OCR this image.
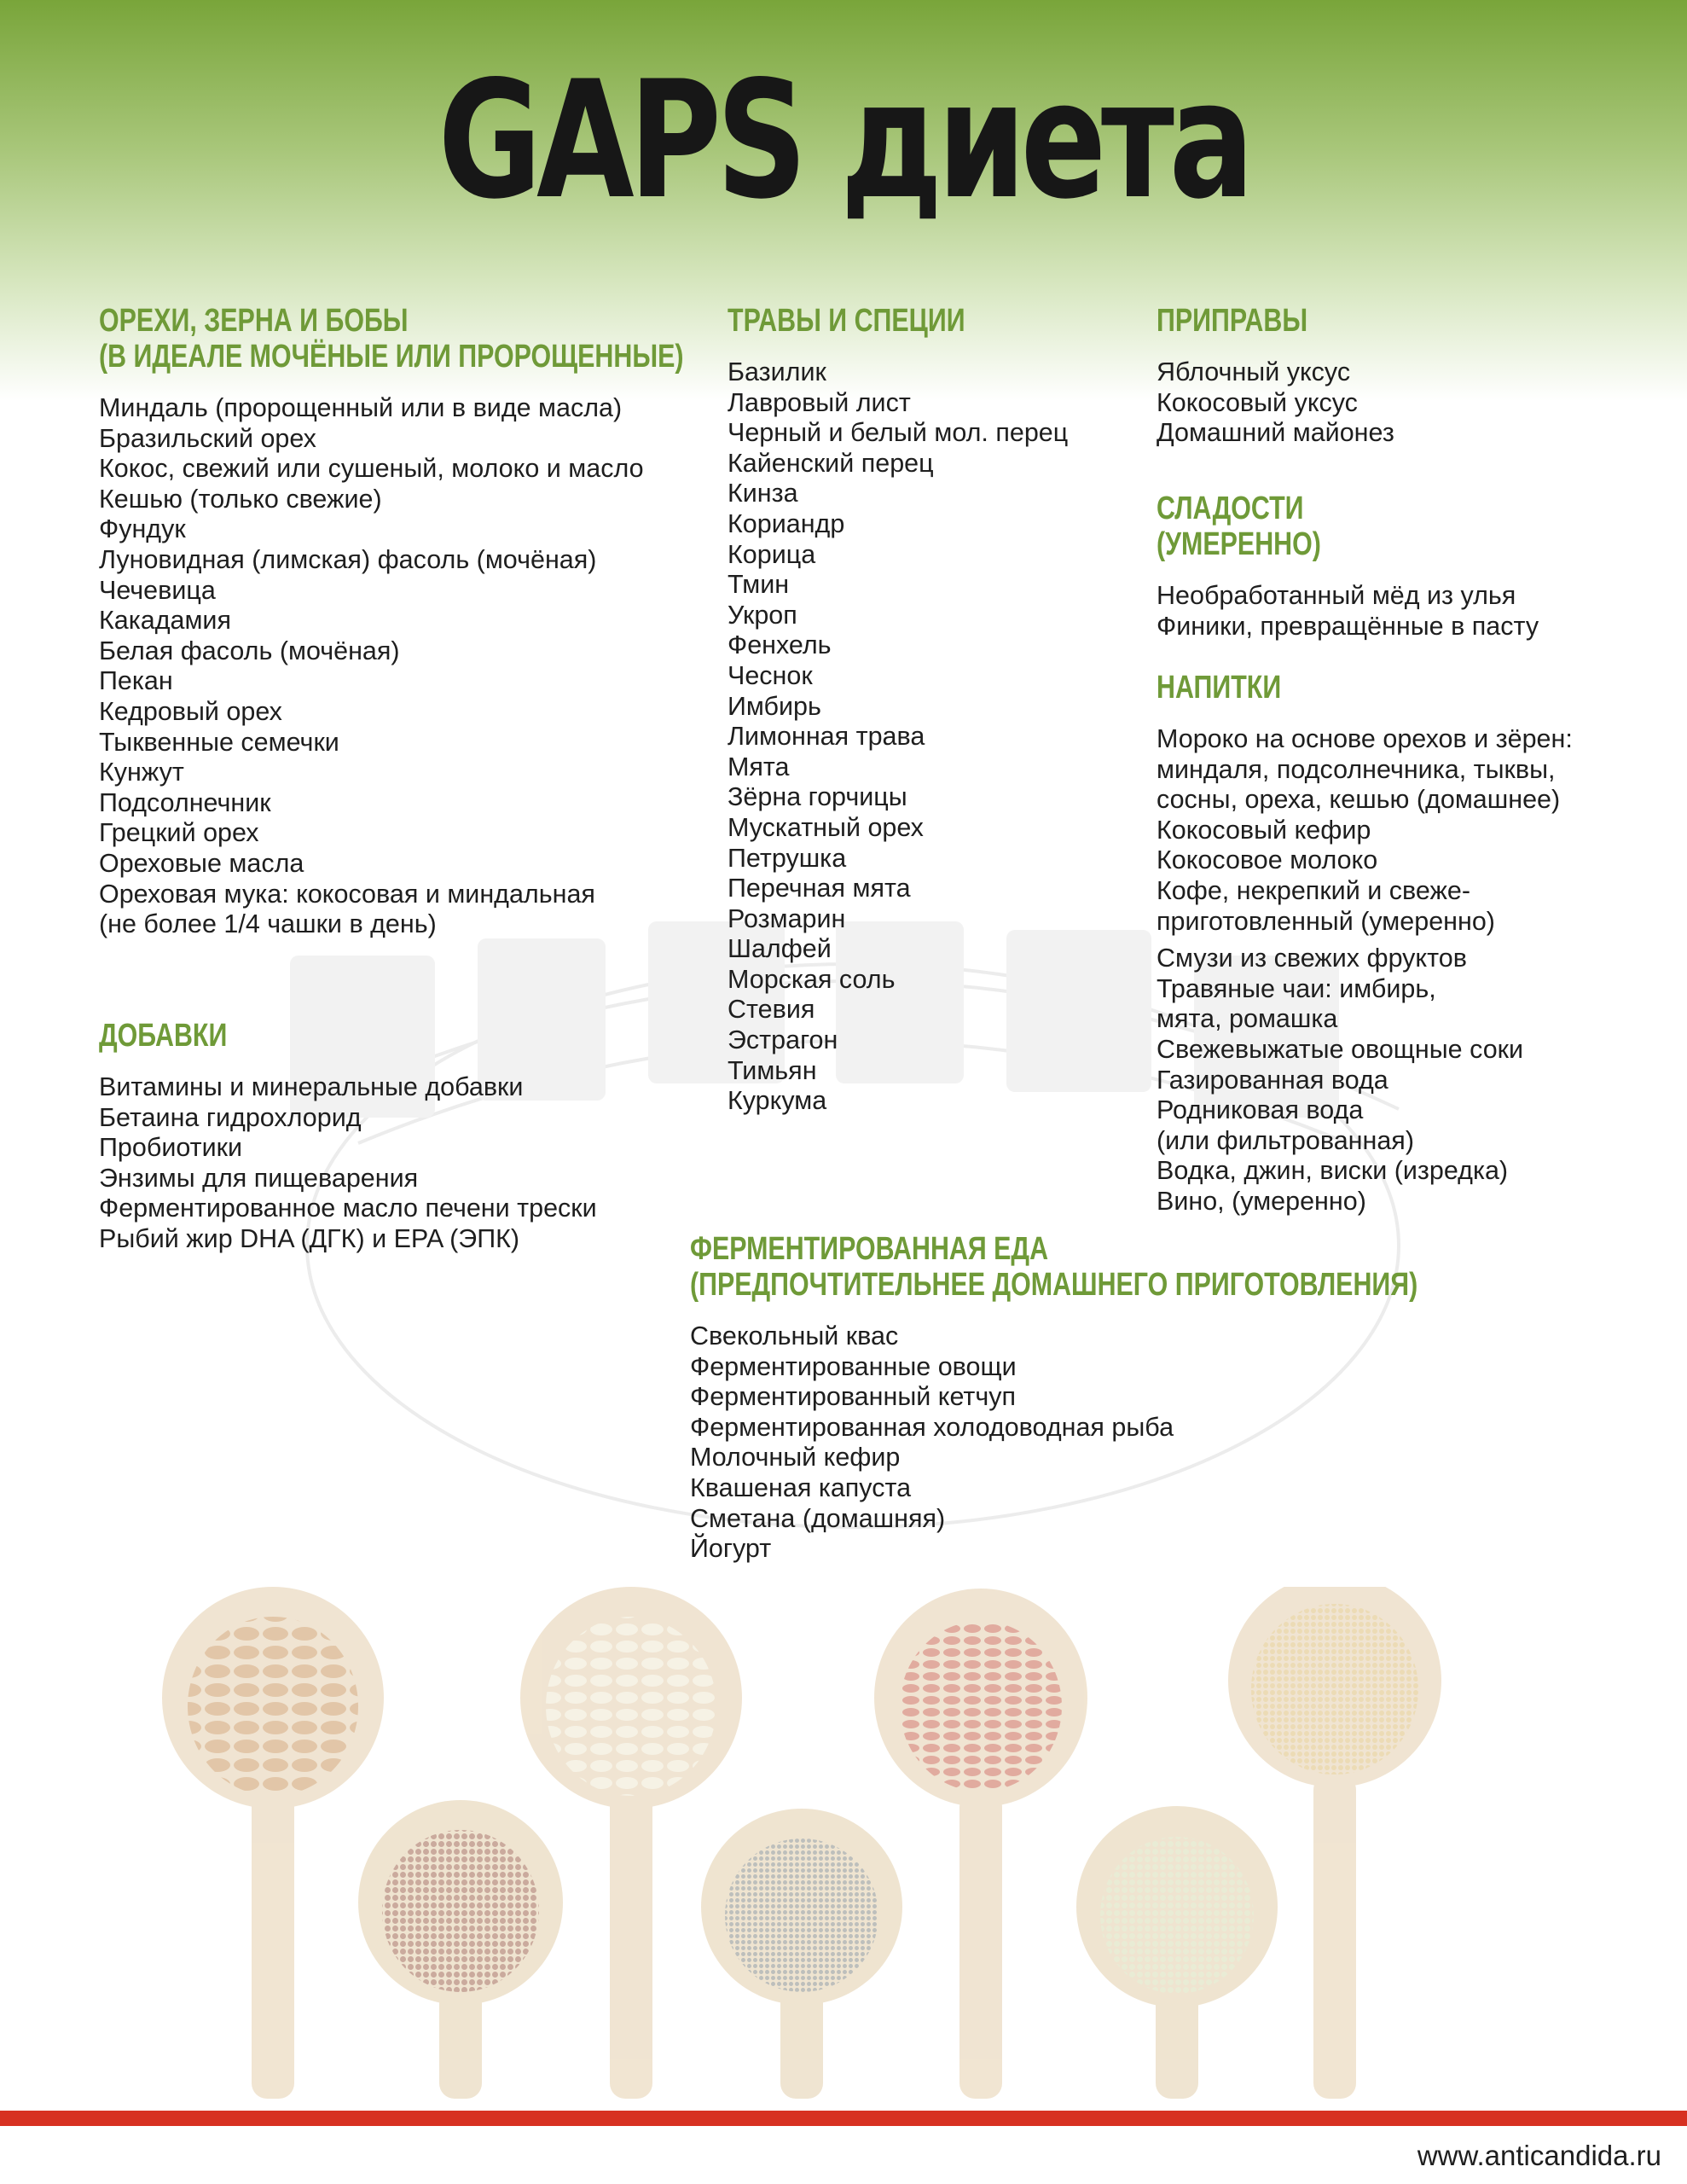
GAPS диета
ОРЕХИ, ЗЕРНА И БОБЫ
(В ИДЕАЛЕ МОЧЁНЫЕ ИЛИ ПРОРОЩЕННЫЕ)
Миндаль (пророщенный или в виде масла)
Бразильский орех
Кокос, свежий или сушеный, молоко и масло
Кешью (только свежие)
Фундук
Луновидная (лимская) фасоль (мочёная)
Чечевица
Какадамия
Белая фасоль (мочёная)
Пекан
Кедровый орех
Тыквенные семечки
Кунжут
Подсолнечник
Грецкий орех
Ореховые масла
Ореховая мука: кокосовая и миндальная
(не более 1/4 чашки в день)
ДОБАВКИ
Витамины и минеральные добавки
Бетаина гидрохлорид
Пробиотики
Энзимы для пищеварения
Ферментированное масло печени трески
Рыбий жир DHA (ДГК) и EPA (ЭПК)
ТРАВЫ И СПЕЦИИ
Базилик
Лавровый лист
Черный и белый мол. перец
Кайенский перец
Кинза
Кориандр
Корица
Тмин
Укроп
Фенхель
Чеснок
Имбирь
Лимонная трава
Мята
Зёрна горчицы
Мускатный орех
Петрушка
Перечная мята
Розмарин
Шалфей
Морская соль
Стевия
Эстрагон
Тимьян
Куркума
ПРИПРАВЫ
Яблочный уксус
Кокосовый уксус
Домашний майонез
СЛАДОСТИ
(УМЕРЕННО)
Необработанный мёд из улья
Финики, превращённые в пасту
НАПИТКИ
Мороко на основе орехов и зёрен:
миндаля, подсолнечника, тыквы,
сосны, ореха, кешью (домашнее)
Кокосовый кефир
Кокосовое молоко
Кофе, некрепкий и свеже-
приготовленный (умеренно)
Смузи из свежих фруктов
Травяные чаи: имбирь,
мята, ромашка
Свежевыжатые овощные соки
Газированная вода
Родниковая вода
(или фильтрованная)
Водка, джин, виски (изредка)
Вино, (умеренно)
ФЕРМЕНТИРОВАННАЯ ЕДА
(ПРЕДПОЧТИТЕЛЬНЕЕ ДОМАШНЕГО ПРИГОТОВЛЕНИЯ)
Свекольный квас
Ферментированные овощи
Ферментированный кетчуп
Ферментированная холодоводная рыба
Молочный кефир
Квашеная капуста
Сметана (домашняя)
Йогурт
www.anticandida.ru
